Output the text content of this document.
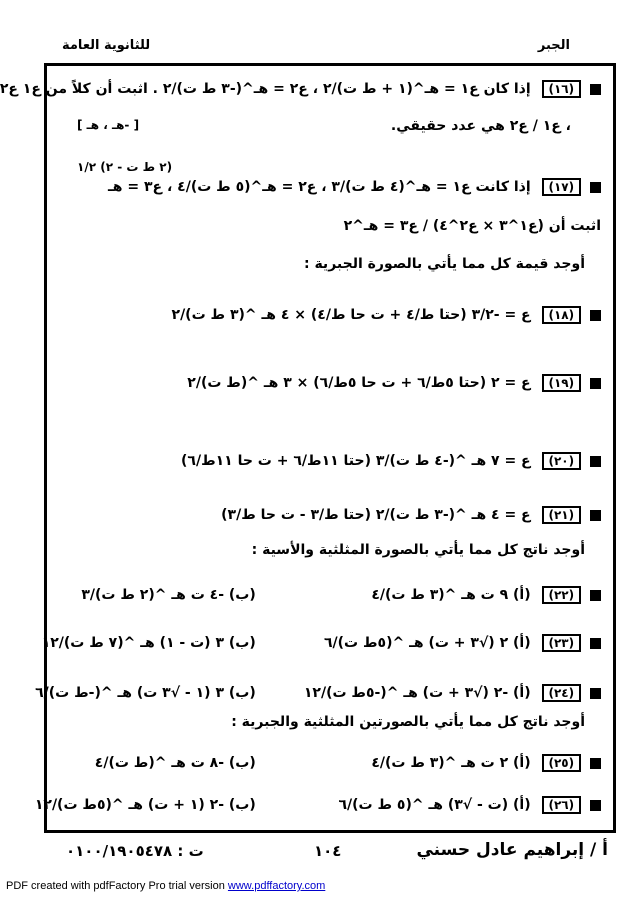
للثانوية العامة	الجبر
(١٦) إذا كان ع١ = هـ^(١ + ط ت)/٢ ، ع٢ = هـ^(-٣ ط ت)/٢ . اثبت أن كلاً من ع١ ع٢
، ع١ / ع٢ هي عدد حقيقي.
[ -هـ ، هـ ]
(١٧) إذا كانت ع١ = هـ^(٤ ط ت)/٣ ، ع٢ = هـ^(٥ ط ت)/٤ ، ع٣ = هـ
(٢ ط ت - ٢) ١/٢
اثبت أن (ع١^٣ × ع٢^٤) / ع٣ = هـ^٢
أوجد قيمة كل مما يأتي بالصورة الجبرية :
(١٨) ع = -٣/٢ (حتا ط/٤ + ت حا ط/٤) × ٤ هـ ^(٣ ط ت)/٢
(١٩) ع = ٢ (حتا ٥ط/٦ + ت حا ٥ط/٦) × ٣ هـ ^(ط ت)/٢
(٢٠) ع = ٧ هـ ^(-٤ ط ت)/٣ (حتا ١١ط/٦ + ت حا ١١ط/٦)
(٢١) ع = ٤ هـ ^(-٣ ط ت)/٢ (حتا ط/٣ - ت حا ط/٣)
أوجد ناتج كل مما يأتي بالصورة المثلثية والأسية :
(٢٢) (أ) ٩ ت هـ ^(٣ ط ت)/٤ (ب) -٤ ت هـ ^(٢ ط ت)/٣
(٢٣) (أ) ٢ (√٣ + ت) هـ ^(٥ط ت)/٦ (ب) ٣ (ت - ١) هـ ^(٧ ط ت)/١٢
(٢٤) (أ) -٢ (√٣ + ت) هـ ^(-٥ط ت)/١٢ (ب) ٣ (١ - √٣ ت) هـ ^(-ط ت)/٦
أوجد ناتج كل مما يأتي بالصورتين المثلثية والجبرية :
(٢٥) (أ) ٢ ت هـ ^(٣ ط ت)/٤ (ب) -٨ ت هـ ^(ط ت)/٤
(٢٦) (أ) (ت - √٣) هـ ^(٥ ط ت)/٦ (ب) -٢ (١ + ت) هـ ^(٥ط ت)/١٢
ت : ٠١٠٠/١٩٠٥٤٧٨	١٠٤	أ / إبراهيم عادل حسني
PDF created with pdfFactory Pro trial version www.pdffactory.com
